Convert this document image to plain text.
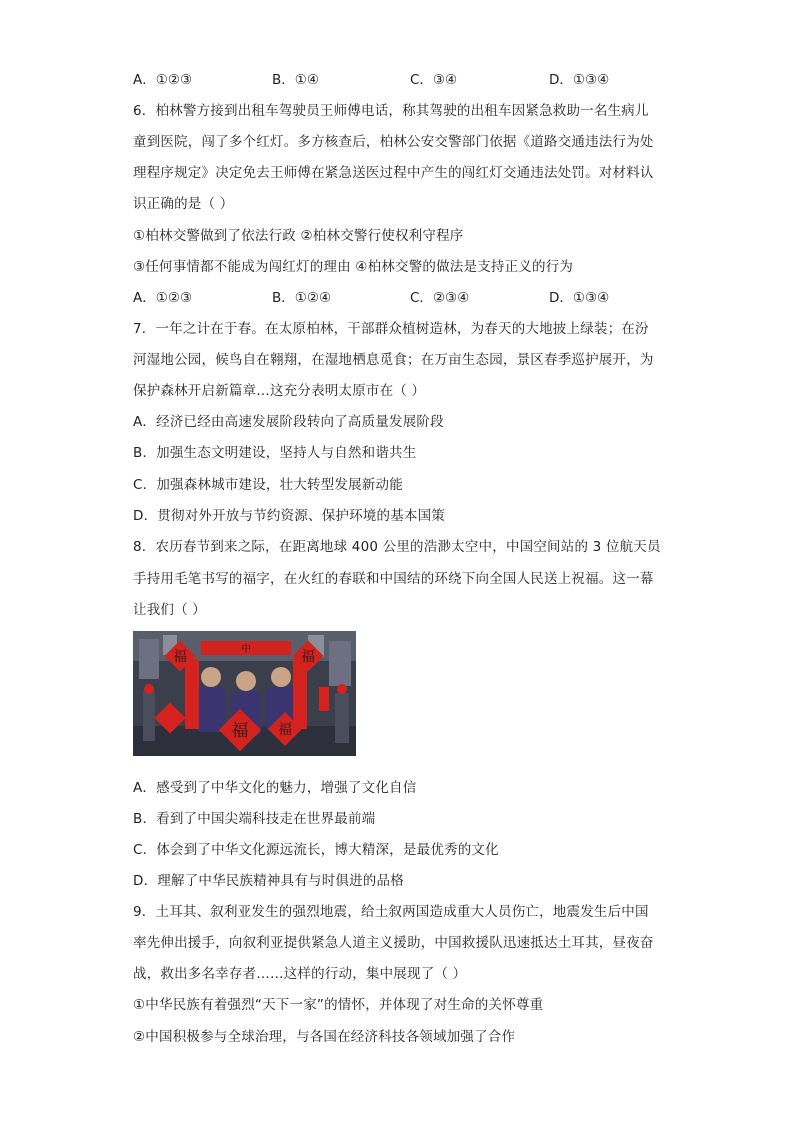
A．①②③	B．①④	C．③④	D．①③④
6．柏林警方接到出租车驾驶员王师傅电话，称其驾驶的出租车因紧急救助一名生病儿
童到医院，闯了多个红灯。多方核查后，柏林公安交警部门依据《道路交通违法行为处
理程序规定》决定免去王师傅在紧急送医过程中产生的闯红灯交通违法处罚。对材料认
识正确的是（ ）
①柏林交警做到了依法行政 ②柏林交警行使权利守程序
③任何事情都不能成为闯红灯的理由 ④柏林交警的做法是支持正义的行为
A．①②③	B．①②④	C．②③④	D．①③④
7．一年之计在于春。在太原柏林，干部群众植树造林，为春天的大地披上绿装；在汾
河湿地公园，候鸟自在翱翔，在湿地栖息觅食；在万亩生态园，景区春季巡护展开，为
保护森林开启新篇章…这充分表明太原市在（ ）
A．经济已经由高速发展阶段转向了高质量发展阶段
B．加强生态文明建设，坚持人与自然和谐共生
C．加强森林城市建设，壮大转型发展新动能
D．贯彻对外开放与节约资源、保护环境的基本国策
8．农历春节到来之际，在距离地球 400 公里的浩渺太空中，中国空间站的 3 位航天员
手持用毛笔书写的福字，在火红的春联和中国结的环绕下向全国人民送上祝福。这一幕
让我们（ ）
中
福	福
福 福
A．感受到了中华文化的魅力，增强了文化自信
B．看到了中国尖端科技走在世界最前端
C．体会到了中华文化源远流长，博大精深，是最优秀的文化
D．理解了中华民族精神具有与时俱进的品格
9．土耳其、叙利亚发生的强烈地震，给土叙两国造成重大人员伤亡，地震发生后中国
率先伸出援手，向叙利亚提供紧急人道主义援助，中国救援队迅速抵达土耳其，昼夜奋
战，救出多名幸存者……这样的行动，集中展现了（ ）
①中华民族有着强烈“天下一家”的情怀，并体现了对生命的关怀尊重
②中国积极参与全球治理，与各国在经济科技各领域加强了合作
